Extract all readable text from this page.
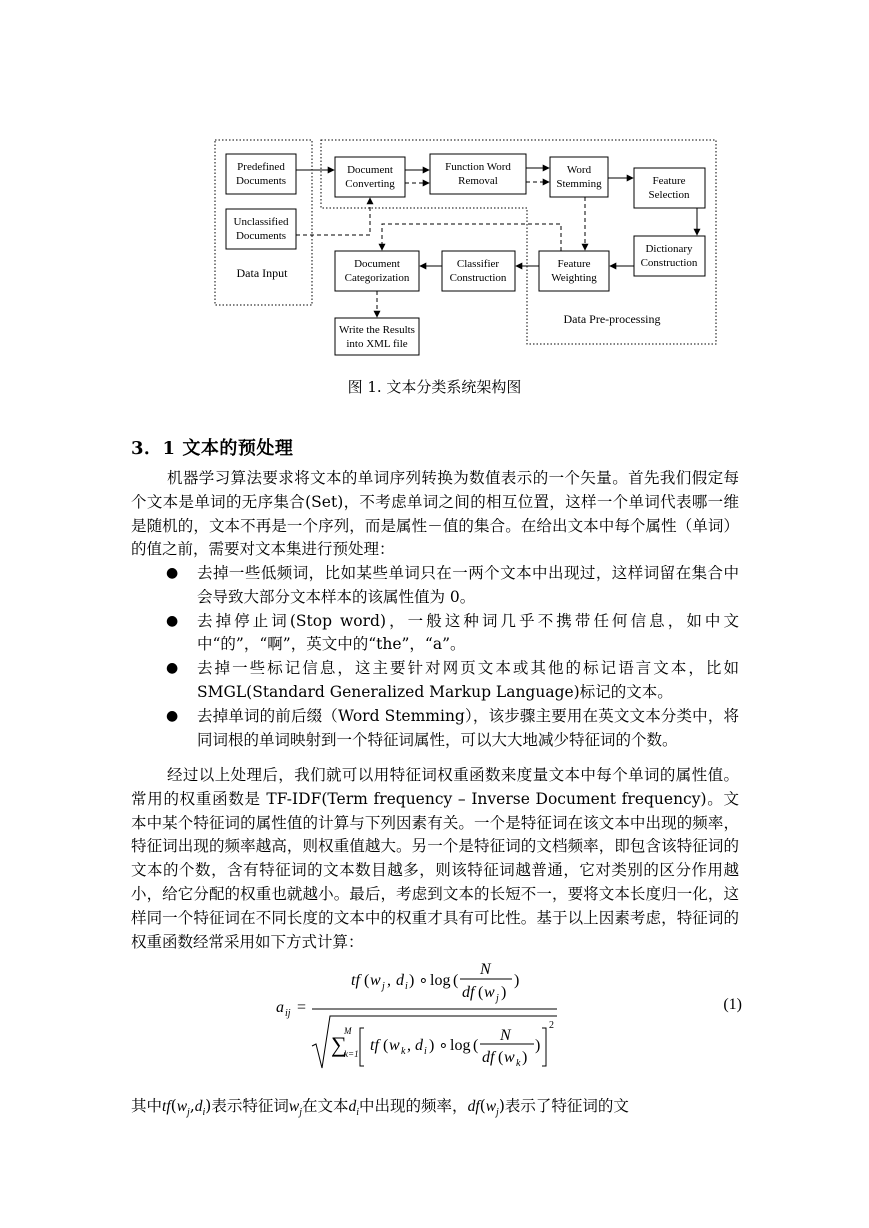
Predefined
Documents
Unclassified
Documents
Data Input
Document
Converting
Function Word
Removal
Word
Stemming	Feature
Selection
Dictionary
Construction
Feature
Weighting
Classifier
Construction
Document
Categorization
Write the Results
into XML file
Data Pre-processing
图 1. 文本分类系统架构图
3．1 文本的预处理
机器学习算法要求将文本的单词序列转换为数值表示的一个矢量。首先我们假定每个文本是单词的无序集合(Set)，不考虑单词之间的相互位置，这样一个单词代表哪一维是随机的，文本不再是一个序列，而是属性－值的集合。在给出文本中每个属性（单词）的值之前，需要对文本集进行预处理：
● 去掉一些低频词，比如某些单词只在一两个文本中出现过，这样词留在集合中会导致大部分文本样本的该属性值为 0。
● 去掉停止词(Stop word)，一般这种词几乎不携带任何信息，如中文中“的”，“啊”，英文中的“the”，“a”。
● 去掉一些标记信息，这主要针对网页文本或其他的标记语言文本，比如SMGL(Standard Generalized Markup Language)标记的文本。
● 去掉单词的前后缀（Word Stemming），该步骤主要用在英文文本分类中，将同词根的单词映射到一个特征词属性，可以大大地减少特征词的个数。
经过以上处理后，我们就可以用特征词权重函数来度量文本中每个单词的属性值。常用的权重函数是 TF-IDF(Term frequency – Inverse Document frequency)。文本中某个特征词的属性值的计算与下列因素有关。一个是特征词在该文本中出现的频率，特征词出现的频率越高，则权重值越大。另一个是特征词的文档频率，即包含该特征词的文本的个数，含有特征词的文本数目越多，则该特征词越普通，它对类别的区分作用越小，给它分配的权重也就越小。最后，考虑到文本的长短不一，要将文本长度归一化，这样同一个特征词在不同长度的文本中的权重才具有可比性。基于以上因素考虑，特征词的权重函数经常采用如下方式计算：
a ij =
tf ( w j , d i ) ∘ log (
N
df ( w j )
)
∑
M
k=1 tf ( w k , d i ) ∘ log (
N
df ( w k )
)
2
(1)
其中$tf(w_j,d_i)$表示特征词$w_j$在文本$d_i$中出现的频率，$df(w_j)$表示了特征词的文
